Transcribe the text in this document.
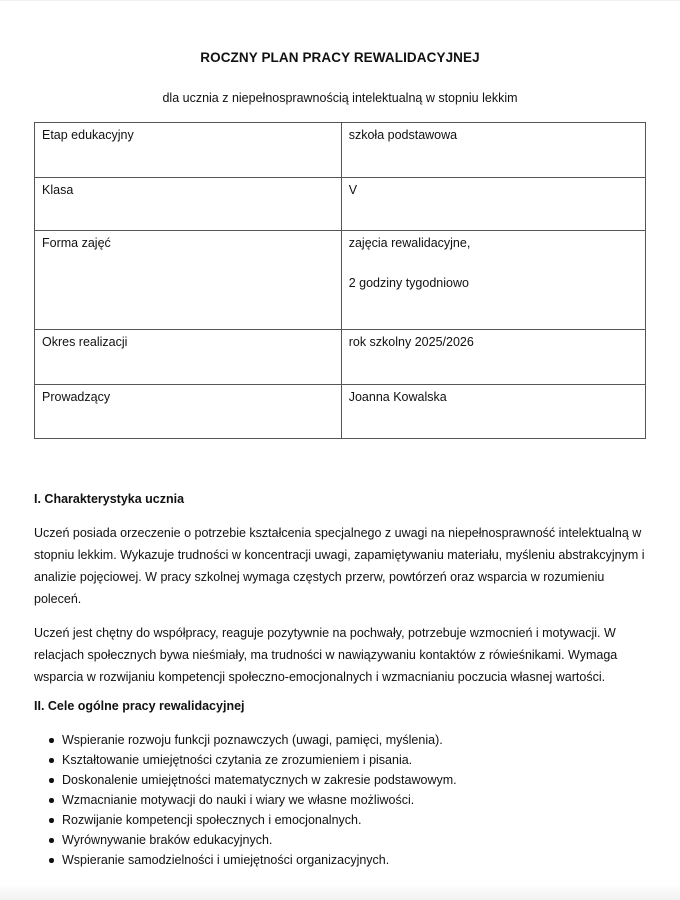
ROCZNY PLAN PRACY REWALIDACYJNEJ
dla ucznia z niepełnosprawnością intelektualną w stopniu lekkim
Etap edukacyjny	szkoła podstawowa
Klasa	V
Forma zajęć	zajęcia rewalidacyjne,

2 godziny tygodniowo

Okres realizacji	rok szkolny 2025/2026
Prowadzący	Joanna Kowalska
I. Charakterystyka ucznia

Uczeń posiada orzeczenie o potrzebie kształcenia specjalnego z uwagi na niepełnosprawność intelektualną w stopniu lekkim. Wykazuje trudności w koncentracji uwagi, zapamiętywaniu materiału, myśleniu abstrakcyjnym i analizie pojęciowej. W pracy szkolnej wymaga częstych przerw, powtórzeń oraz wsparcia w rozumieniu poleceń.

Uczeń jest chętny do współpracy, reaguje pozytywnie na pochwały, potrzebuje wzmocnień i motywacji. W relacjach społecznych bywa nieśmiały, ma trudności w nawiązywaniu kontaktów z rówieśnikami. Wymaga wsparcia w rozwijaniu kompetencji społeczno-emocjonalnych i wzmacnianiu poczucia własnej wartości.

II. Cele ogólne pracy rewalidacyjnej
Wspieranie rozwoju funkcji poznawczych (uwagi, pamięci, myślenia).
Kształtowanie umiejętności czytania ze zrozumieniem i pisania.
Doskonalenie umiejętności matematycznych w zakresie podstawowym.
Wzmacnianie motywacji do nauki i wiary we własne możliwości.
Rozwijanie kompetencji społecznych i emocjonalnych.
Wyrównywanie braków edukacyjnych.
Wspieranie samodzielności i umiejętności organizacyjnych.
